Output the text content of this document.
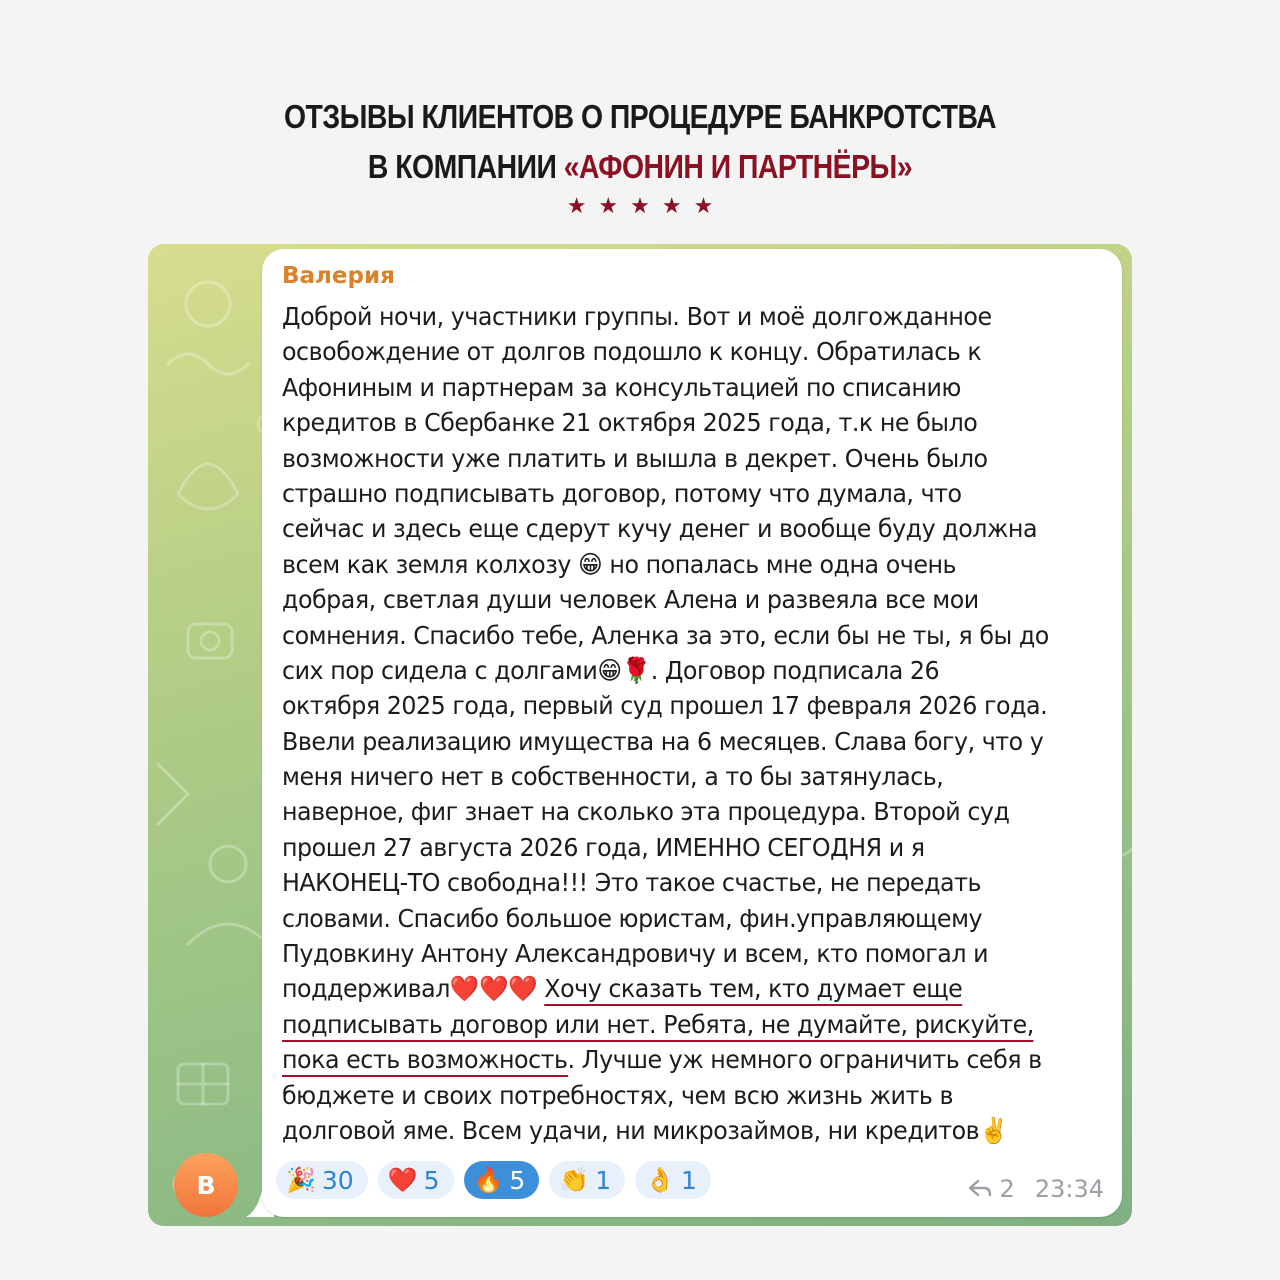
ОТЗЫВЫ КЛИЕНТОВ О ПРОЦЕДУРЕ БАНКРОТСТВА
В КОМПАНИИ «АФОНИН И ПАРТНЁРЫ»
★★★★★
Валерия
Доброй ночи, участники группы. Вот и моё долгожданное
освобождение от долгов подошло к концу. Обратилась к
Афониным и партнерам за консультацией по списанию
кредитов в Сбербанке 21 октября 2025 года, т.к не было
возможности уже платить и вышла в декрет. Очень было
страшно подписывать договор, потому что думала, что
сейчас и здесь еще сдерут кучу денег и вообще буду должна
всем как земля колхозу 😁 но попалась мне одна очень
добрая, светлая души человек Алена и развеяла все мои
сомнения. Спасибо тебе, Аленка за это, если бы не ты, я бы до
сих пор сидела с долгами😁🌹. Договор подписала 26
октября 2025 года, первый суд прошел 17 февраля 2026 года.
Ввели реализацию имущества на 6 месяцев. Слава богу, что у
меня ничего нет в собственности, а то бы затянулась,
наверное, фиг знает на сколько эта процедура. Второй суд
прошел 27 августа 2026 года, ИМЕННО СЕГОДНЯ и я
НАКОНЕЦ-ТО свободна!!! Это такое счастье, не передать
словами. Спасибо большое юристам, фин.управляющему
Пудовкину Антону Александровичу и всем, кто помогал и
поддерживал❤️❤️❤️ Хочу сказать тем, кто думает еще
подписывать договор или нет. Ребята, не думайте, рискуйте,
пока есть возможность. Лучше уж немного ограничить себя в
бюджете и своих потребностях, чем всю жизнь жить в
долговой яме. Всем удачи, ни микрозаймов, ни кредитов✌️
🎉 30 ❤️ 5 🔥 5 👏 1 👌 1	2 23:34
В
